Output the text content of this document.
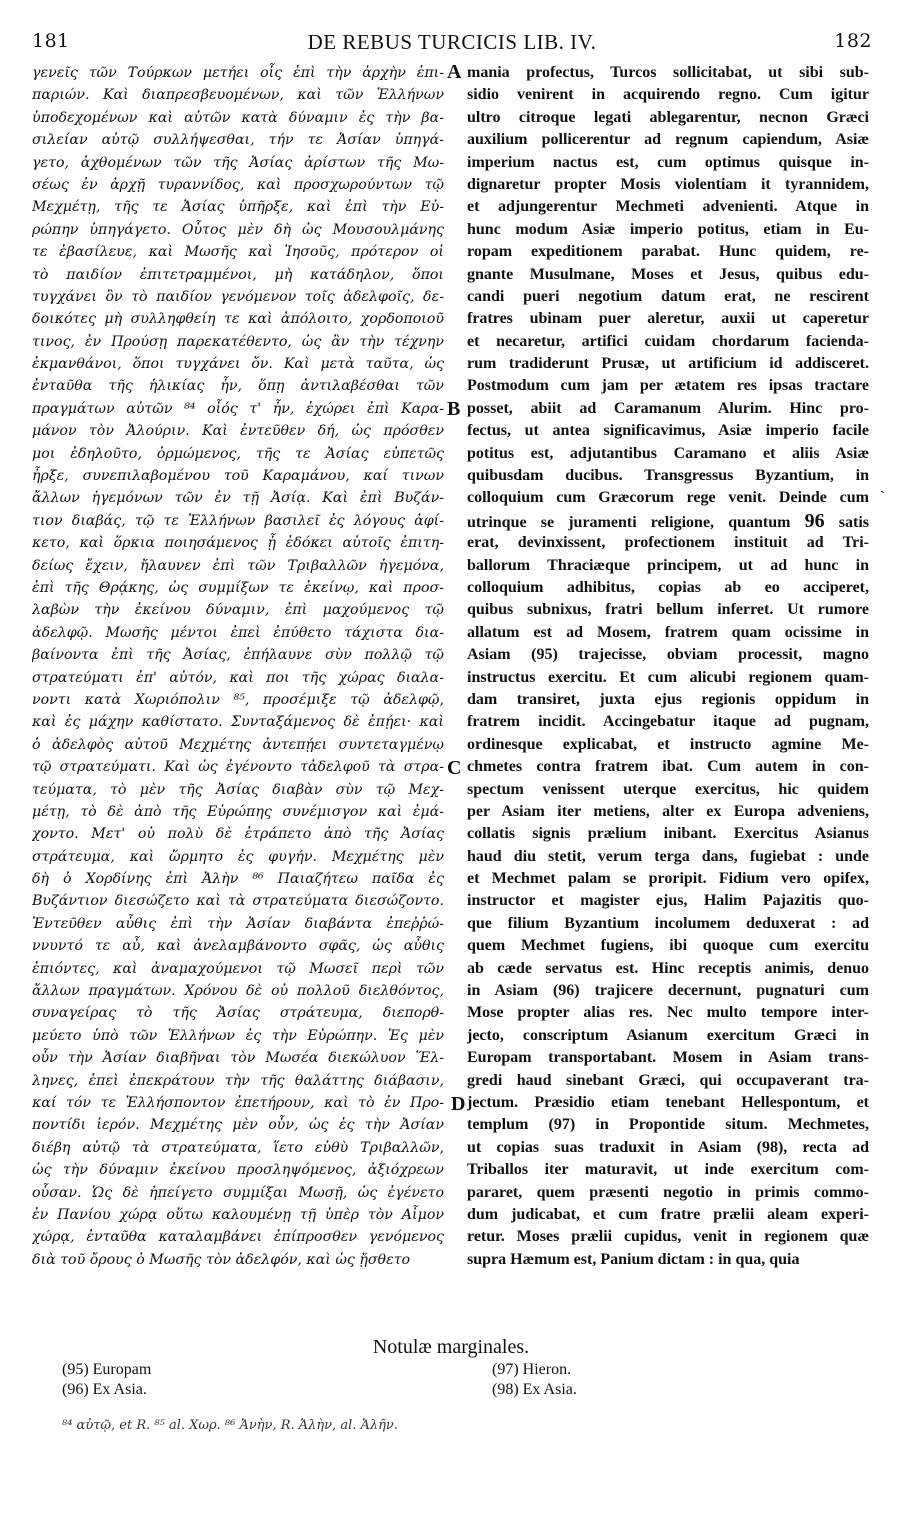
181	DE REBUS TURCICIS LIB. IV.	182
γενεῖς τῶν Τούρκων μετήει οἷς ἐπὶ τὴν ἀρχὴν ἐπι-
παριών. Καὶ διαπρεσβευομένων, καὶ τῶν Ἑλλήνων
ὑποδεχομένων καὶ αὐτῶν κατὰ δύναμιν ἐς τὴν βα-
σιλείαν αὐτῷ συλλήψεσθαι, τήν τε Ἀσίαν ὑπηγά-
γετο, ἀχθομένων τῶν τῆς Ἀσίας ἀρίστων τῆς Μω-
σέως ἐν ἀρχῇ τυραννίδος, καὶ προσχωρούντων τῷ
Μεχμέτῃ, τῆς τε Ἀσίας ὑπῆρξε, καὶ ἐπὶ τὴν Εὐ-
ρώπην ὑπηγάγετο. Οὗτος μὲν δὴ ὡς Μουσουλμάνης
τε ἐβασίλευε, καὶ Μωσῆς καὶ Ἰησοῦς, πρότερον οἱ
τὸ παιδίον ἐπιτετραμμένοι, μὴ κατάδηλον, ὅποι
τυγχάνει ὂν τὸ παιδίον γενόμενον τοῖς ἀδελφοῖς, δε-
δοικότες μὴ συλληφθείη τε καὶ ἀπόλοιτο, χορδοποιοῦ
τινος, ἐν Προύσῃ παρεκατέθεντο, ὡς ἂν τὴν τέχνην
ἐκμανθάνοι, ὅποι τυγχάνει ὄν. Καὶ μετὰ ταῦτα, ὡς
ἐνταῦθα τῆς ἡλικίας ἦν, ὅπῃ ἀντιλαβέσθαι τῶν
πραγμάτων αὐτῶν ⁸⁴ οἷός τ' ἦν, ἐχώρει ἐπὶ Καρα-
μάνον τὸν Ἀλούριν. Καὶ ἐντεῦθεν δή, ὡς πρόσθεν
μοι ἐδηλοῦτο, ὁρμώμενος, τῆς τε Ἀσίας εὐπετῶς
ἦρξε, συνεπιλαβομένου τοῦ Καραμάνου, καί τινων
ἄλλων ἡγεμόνων τῶν ἐν τῇ Ἀσίᾳ. Καὶ ἐπὶ Βυζάν-
τιον διαβάς, τῷ τε Ἑλλήνων βασιλεῖ ἐς λόγους ἀφί-
κετο, καὶ ὅρκια ποιησάμενος ᾗ ἐδόκει αὐτοῖς ἐπιτη-
δείως ἔχειν, ἤλαυνεν ἐπὶ τῶν Τριβαλλῶν ἡγεμόνα,
ἐπὶ τῆς Θρᾴκης, ὡς συμμίξων τε ἐκείνῳ, καὶ προσ-
λαβὼν τὴν ἐκείνου δύναμιν, ἐπὶ μαχούμενος τῷ
ἀδελφῷ. Μωσῆς μέντοι ἐπεὶ ἐπύθετο τάχιστα δια-
βαίνοντα ἐπὶ τῆς Ἀσίας, ἐπήλαυνε σὺν πολλῷ τῷ
στρατεύματι ἐπ' αὐτόν, καὶ ποι τῆς χώρας διαλα-
νοντι κατὰ Χωριόπολιν ⁸⁵, προσέμιξε τῷ ἀδελφῷ,
καὶ ἐς μάχην καθίστατο. Συνταξάμενος δὲ ἐπῄει· καὶ
ὁ ἀδελφὸς αὐτοῦ Μεχμέτης ἀντεπῄει συντεταγμένῳ
τῷ στρατεύματι. Καὶ ὡς ἐγένοντο τἀδελφοῦ τὰ στρα-
τεύματα, τὸ μὲν τῆς Ἀσίας διαβὰν σὺν τῷ Μεχ-
μέτῃ, τὸ δὲ ἀπὸ τῆς Εὐρώπης συνέμισγον καὶ ἐμά-
χοντο. Μετ' οὐ πολὺ δὲ ἐτράπετο ἀπὸ τῆς Ἀσίας
στράτευμα, καὶ ὥρμητο ἐς φυγήν. Μεχμέτης μὲν
δὴ ὁ Χορδίνης ἐπὶ Ἀλὴν ⁸⁶ Παιαζήτεω παῖδα ἐς
Βυζάντιον διεσώζετο καὶ τὰ στρατεύματα διεσώζοντο.
Ἐντεῦθεν αὖθις ἐπὶ τὴν Ἀσίαν διαβάντα ἐπεῤῥώ-
ννυντό τε αὖ, καὶ ἀνελαμβάνοντο σφᾶς, ὡς αὖθις
ἐπιόντες, καὶ ἀναμαχούμενοι τῷ Μωσεῖ περὶ τῶν
ἄλλων πραγμάτων. Χρόνου δὲ οὐ πολλοῦ διελθόντος,
συναγείρας τὸ τῆς Ἀσίας στράτευμα, διεπορθ-
μεύετο ὑπὸ τῶν Ἑλλήνων ἐς τὴν Εὐρώπην. Ἐς μὲν
οὖν τὴν Ἀσίαν διαβῆναι τὸν Μωσέα διεκώλυον Ἕλ-
ληνες, ἐπεὶ ἐπεκράτουν τὴν τῆς θαλάττης διάβασιν,
καί τόν τε Ἑλλήσποντον ἐπετήρουν, καὶ τὸ ἐν Προ-
ποντίδι ἱερόν. Μεχμέτης μὲν οὖν, ὡς ἐς τὴν Ἀσίαν
διέβη αὐτῷ τὰ στρατεύματα, ἵετο εὐθὺ Τριβαλλῶν,
ὡς τὴν δύναμιν ἐκείνου προσληψόμενος, ἀξιόχρεων
οὖσαν. Ὡς δὲ ἠπείγετο συμμίξαι Μωσῇ, ὡς ἐγένετο
ἐν Πανίου χώρᾳ οὕτω καλουμένῃ τῇ ὑπὲρ τὸν Αἷμον
χώρᾳ, ἐνταῦθα καταλαμβάνει ἐπίπροσθεν γενόμενος
διὰ τοῦ ὄρους ὁ Μωσῆς τὸν ἀδελφόν, καὶ ὡς ᾔσθετο
mania profectus, Turcos sollicitabat, ut sibi sub-
sidio venirent in acquirendo regno. Cum igitur
ultro citroque legati ablegarentur, necnon Græci
auxilium pollicerentur ad regnum capiendum, Asiæ
imperium nactus est, cum optimus quisque in-
dignaretur propter Mosis violentiam it tyrannidem,
et adjungerentur Mechmeti advenienti. Atque in
hunc modum Asiæ imperio potitus, etiam in Eu-
ropam expeditionem parabat. Hunc quidem, re-
gnante Musulmane, Moses et Jesus, quibus edu-
candi pueri negotium datum erat, ne rescirent
fratres ubinam puer aleretur, auxii ut caperetur
et necaretur, artifici cuidam chordarum facienda-
rum tradiderunt Prusæ, ut artificium id addisceret.
Postmodum cum jam per ætatem res ipsas tractare
posset, abiit ad Caramanum Alurim. Hinc pro-
fectus, ut antea significavimus, Asiæ imperio facile
potitus est, adjutantibus Caramano et aliis Asiæ
quibusdam ducibus. Transgressus Byzantium, in
colloquium cum Græcorum rege venit. Deinde cum
utrinque se juramenti religione, quantum 96 satis
erat, devinxissent, profectionem instituit ad Tri-
ballorum Thraciæque principem, ut ad hunc in
colloquium adhibitus, copias ab eo acciperet,
quibus subnixus, fratri bellum inferret. Ut rumore
allatum est ad Mosem, fratrem quam ocissime in
Asiam (95) trajecisse, obviam processit, magno
instructus exercitu. Et cum alicubi regionem quam-
dam transiret, juxta ejus regionis oppidum in
fratrem incidit. Accingebatur itaque ad pugnam,
ordinesque explicabat, et instructo agmine Me-
chmetes contra fratrem ibat. Cum autem in con-
spectum venissent uterque exercitus, hic quidem
per Asiam iter metiens, alter ex Europa adveniens,
collatis signis prælium inibant. Exercitus Asianus
haud diu stetit, verum terga dans, fugiebat : unde
et Mechmet palam se proripit. Fidium vero opifex,
instructor et magister ejus, Halim Pajazitis quo-
que filium Byzantium incolumem deduxerat : ad
quem Mechmet fugiens, ibi quoque cum exercitu
ab cæde servatus est. Hinc receptis animis, denuo
in Asiam (96) trajicere decernunt, pugnaturi cum
Mose propter alias res. Nec multo tempore inter-
jecto, conscriptum Asianum exercitum Græci in
Europam transportabant. Mosem in Asiam trans-
gredi haud sinebant Græci, qui occupaverant tra-
jectum. Præsidio etiam tenebant Hellespontum, et
templum (97) in Propontide situm. Mechmetes,
ut copias suas traduxit in Asiam (98), recta ad
Triballos iter maturavit, ut inde exercitum com-
pararet, quem præsenti negotio in primis commo-
dum judicabat, et cum fratre prælii aleam experi-
retur. Moses prælii cupidus, venit in regionem quæ
supra Hæmum est, Panium dictam : in qua, quia
A
B
C
D
ˎ
Notulæ marginales.
(95) Europam
(96) Ex Asia.
(97) Hieron.
(98) Ex Asia.
⁸⁴ αὐτῷ, et R. ⁸⁵ al. Χωρ. ⁸⁶ Ἀνὴν, R. Ἀλὴν, al. Ἀλῆν.
